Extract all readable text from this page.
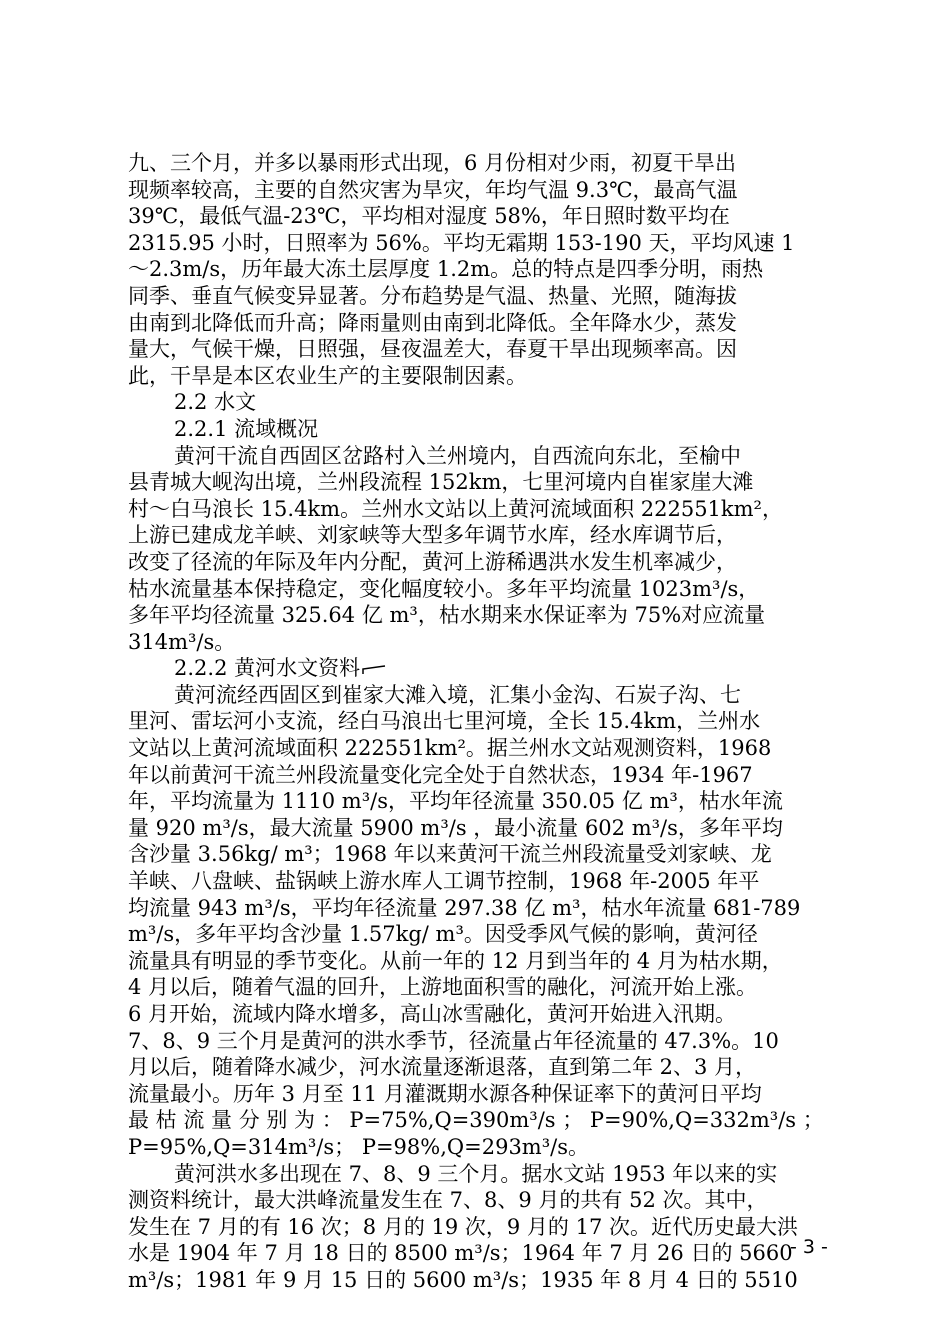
九、三个月，并多以暴雨形式出现，6 月份相对少雨，初夏干旱出
现频率较高，主要的自然灾害为旱灾，年均气温 9.3℃，最高气温
39℃，最低气温-23℃，平均相对湿度 58%，年日照时数平均在
2315.95 小时，日照率为 56%。平均无霜期 153-190 天，平均风速 1
～2.3m/s，历年最大冻土层厚度 1.2m。总的特点是四季分明，雨热
同季、垂直气候变异显著。分布趋势是气温、热量、光照，随海拔
由南到北降低而升高；降雨量则由南到北降低。全年降水少，蒸发
量大，气候干燥，日照强，昼夜温差大，春夏干旱出现频率高。因
此，干旱是本区农业生产的主要限制因素。
2.2 水文
2.2.1 流域概况
黄河干流自西固区岔路村入兰州境内，自西流向东北，至榆中
县青城大岘沟出境，兰州段流程 152km，七里河境内自崔家崖大滩
村～白马浪长 15.4km。兰州水文站以上黄河流域面积 222551km²，
上游已建成龙羊峡、刘家峡等大型多年调节水库，经水库调节后，
改变了径流的年际及年内分配，黄河上游稀遇洪水发生机率减少，
枯水流量基本保持稳定，变化幅度较小。多年平均流量 1023m³/s，
多年平均径流量 325.64 亿 m³，枯水期来水保证率为 75%对应流量
314m³/s。
2.2.2 黄河水文资料
黄河流经西固区到崔家大滩入境，汇集小金沟、石炭子沟、七
里河、雷坛河小支流，经白马浪出七里河境，全长 15.4km，兰州水
文站以上黄河流域面积 222551km²。据兰州水文站观测资料，1968
年以前黄河干流兰州段流量变化完全处于自然状态，1934 年-1967
年，平均流量为 1110 m³/s，平均年径流量 350.05 亿 m³，枯水年流
量 920 m³/s，最大流量 5900 m³/s ，最小流量 602 m³/s，多年平均
含沙量 3.56kg/ m³；1968 年以来黄河干流兰州段流量受刘家峡、龙
羊峡、八盘峡、盐锅峡上游水库人工调节控制，1968 年-2005 年平
均流量 943 m³/s，平均年径流量 297.38 亿 m³，枯水年流量 681-789
m³/s，多年平均含沙量 1.57kg/ m³。因受季风气候的影响，黄河径
流量具有明显的季节变化。从前一年的 12 月到当年的 4 月为枯水期，
4 月以后，随着气温的回升，上游地面积雪的融化，河流开始上涨。
6 月开始，流域内降水增多，高山冰雪融化，黄河开始进入汛期。
7、8、9 三个月是黄河的洪水季节，径流量占年径流量的 47.3%。10
月以后，随着降水减少，河水流量逐渐退落，直到第二年 2、3 月，
流量最小。历年 3 月至 11 月灌溉期水源各种保证率下的黄河日平均
最 枯 流 量 分 别 为 ： P=75%,Q=390m³/s ； P=90%,Q=332m³/s ；
P=95%,Q=314m³/s； P=98%,Q=293m³/s。
黄河洪水多出现在 7、8、9 三个月。据水文站 1953 年以来的实
测资料统计，最大洪峰流量发生在 7、8、9 月的共有 52 次。其中，
发生在 7 月的有 16 次；8 月的 19 次，9 月的 17 次。近代历史最大洪
水是 1904 年 7 月 18 日的 8500 m³/s；1964 年 7 月 26 日的 5660
m³/s；1981 年 9 月 15 日的 5600 m³/s；1935 年 8 月 4 日的 5510
- 3 -
